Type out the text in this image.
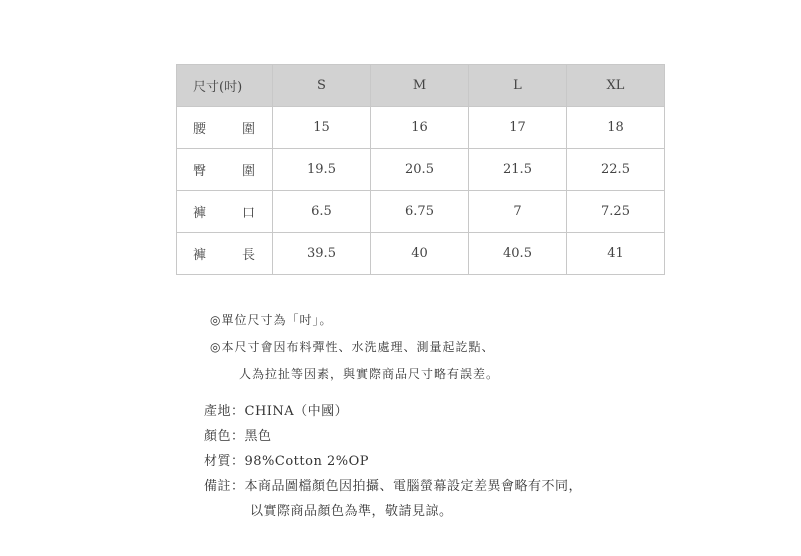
尺寸(吋)	S	M	L	XL

腰 圍	15	16	17	18

臀 圍	19.5	20.5	21.5	22.5

褲 口	6.5	6.75	7	7.25

褲 長	39.5	40	40.5	41
◎單位尺寸為「吋」。
◎本尺寸會因布料彈性、水洗處理、測量起訖點、
人為拉扯等因素，與實際商品尺寸略有誤差。
產地：CHINA（中國）
顏色：黑色
材質：98%Cotton 2%OP
備註：本商品圖檔顏色因拍攝、電腦螢幕設定差異會略有不同，
以實際商品顏色為準，敬請見諒。
